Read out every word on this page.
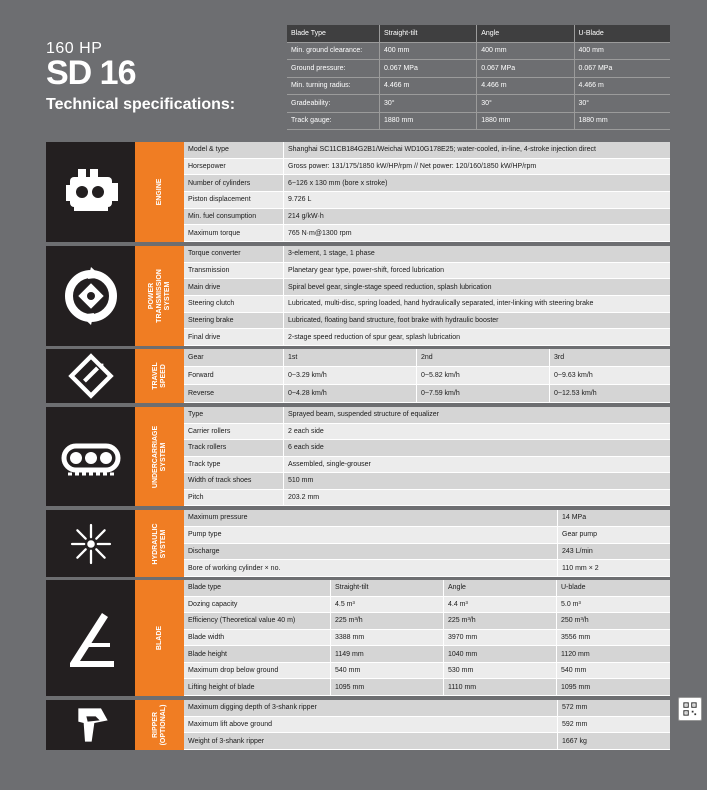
160 HP
SD 16
Technical specifications:
Blade Type	Straight-tilt	Angle	U-Blade
Min. ground clearance:	400 mm	400 mm	400 mm
Ground pressure:	0.067 MPa	0.067 MPa	0.067 MPa
Min. turning radius:	4.466 m	4.466 m	4.466 m
Gradeability:	30°	30°	30°
Track gauge:	1880 mm	1880 mm	1880 mm
ENGINE
Model & type	Shanghai SC11CB184G2B1/Weichai WD10G178E25; water-cooled, in-line, 4-stroke injection direct
Horsepower	Gross power: 131/175/1850 kW/HP/rpm // Net power: 120/160/1850 kW/HP/rpm
Number of cylinders	6−126 x 130 mm (bore x stroke)
Piston displacement	9.726 L
Min. fuel consumption	214 g/kW·h
Maximum torque	765 N·m@1300 rpm
POWER TRANSMISSION SYSTEM
Torque converter	3-element, 1 stage, 1 phase
Transmission	Planetary gear type, power-shift, forced lubrication
Main drive	Spiral bevel gear, single-stage speed reduction, splash lubrication
Steering clutch	Lubricated, multi-disc, spring loaded, hand hydraulically separated, inter-linking with steering brake
Steering brake	Lubricated, floating band structure, foot brake with hydraulic booster
Final drive	2-stage speed reduction of spur gear, splash lubrication
TRAVEL SPEED
Gear	1st	2nd	3rd
Forward	0~3.29 km/h	0~5.82 km/h	0~9.63 km/h
Reverse	0~4.28 km/h	0~7.59 km/h	0~12.53 km/h
UNDERCARRIAGE SYSTEM
Type	Sprayed beam, suspended structure of equalizer
Carrier rollers	2 each side
Track rollers	6 each side
Track type	Assembled, single-grouser
Width of track shoes	510 mm
Pitch	203.2 mm
HYDRAULIC SYSTEM
Maximum pressure	14 MPa
Pump type	Gear pump
Discharge	243 L/min
Bore of working cylinder × no.	110 mm × 2
BLADE
Blade type	Straight-tilt	Angle	U-blade
Dozing capacity	4.5 m³	4.4 m³	5.0 m³
Efficiency (Theoretical value 40 m)	225 m³/h	225 m³/h	250 m³/h
Blade width	3388 mm	3970 mm	3556 mm
Blade height	1149 mm	1040 mm	1120 mm
Maximum drop below ground	540 mm	530 mm	540 mm
Lifting height of blade	1095 mm	1110 mm	1095 mm
RIPPER (OPTIONAL)	Maximum digging depth of 3-shank ripper	572 mm
Maximum lift above ground	592 mm
Weight of 3-shank ripper	1667 kg
